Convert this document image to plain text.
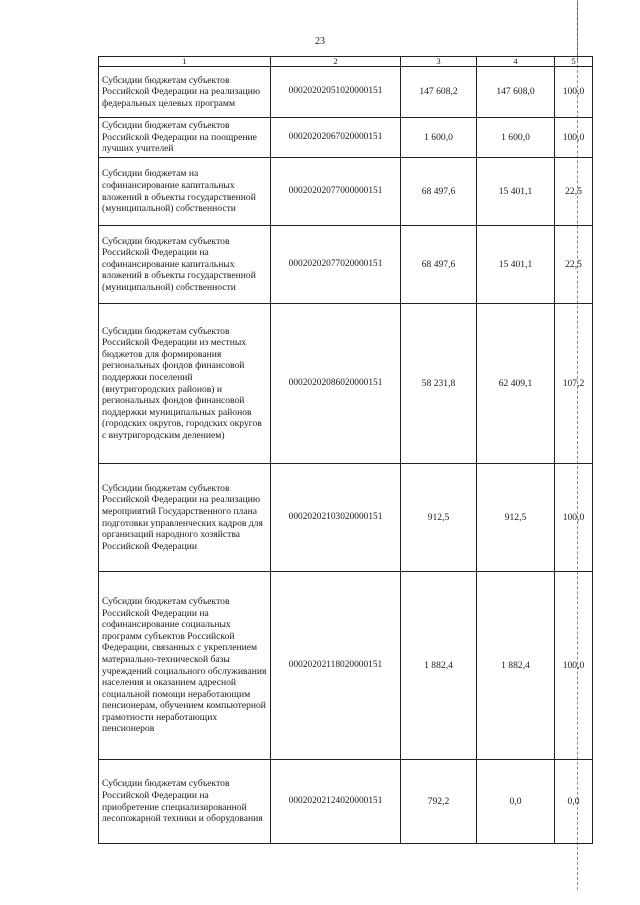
23
1	2	3	4	5
Субсидии бюджетам субъектов Российской Федерации на реализацию федеральных целевых программ	00020202051020000151	147 608,2	147 608,0	100,0
Субсидии бюджетам субъектов Российской Федерации на поощрение лучших учителей	00020202067020000151	1 600,0	1 600,0	100,0
Субсидии бюджетам на софинансирование капитальных вложений в объекты государственной (муниципальной) собственности	00020202077000000151	68 497,6	15 401,1	22,5
Субсидии бюджетам субъектов Российской Федерации на софинансирование капитальных вложений в объекты государственной (муниципальной) собственности	00020202077020000151	68 497,6	15 401,1	22,5
Субсидии бюджетам субъектов Российской Федерации из местных бюджетов для формирования региональных фондов финансовой поддержки поселений (внутригородских районов) и региональных фондов финансовой поддержки муниципальных районов (городских округов, городских округов с внутригородским делением)	00020202086020000151	58 231,8	62 409,1	107,2
Субсидии бюджетам субъектов Российской Федерации на реализацию мероприятий Государственного плана подготовки управленческих кадров для организаций народного хозяйства Российской Федерации	00020202103020000151	912,5	912,5	100,0
Субсидии бюджетам субъектов Российской Федерации на софинансирование социальных программ субъектов Российской Федерации, связанных с укреплением материально-технической базы учреждений социального обслуживания населения и оказанием адресной социальной помощи неработающим пенсионерам, обучением компьютерной грамотности неработающих пенсионеров	00020202118020000151	1 882,4	1 882,4	100,0
Субсидии бюджетам субъектов Российской Федерации на приобретение специализированной лесопожарной техники и оборудования	00020202124020000151	792,2	0,0	0,0
